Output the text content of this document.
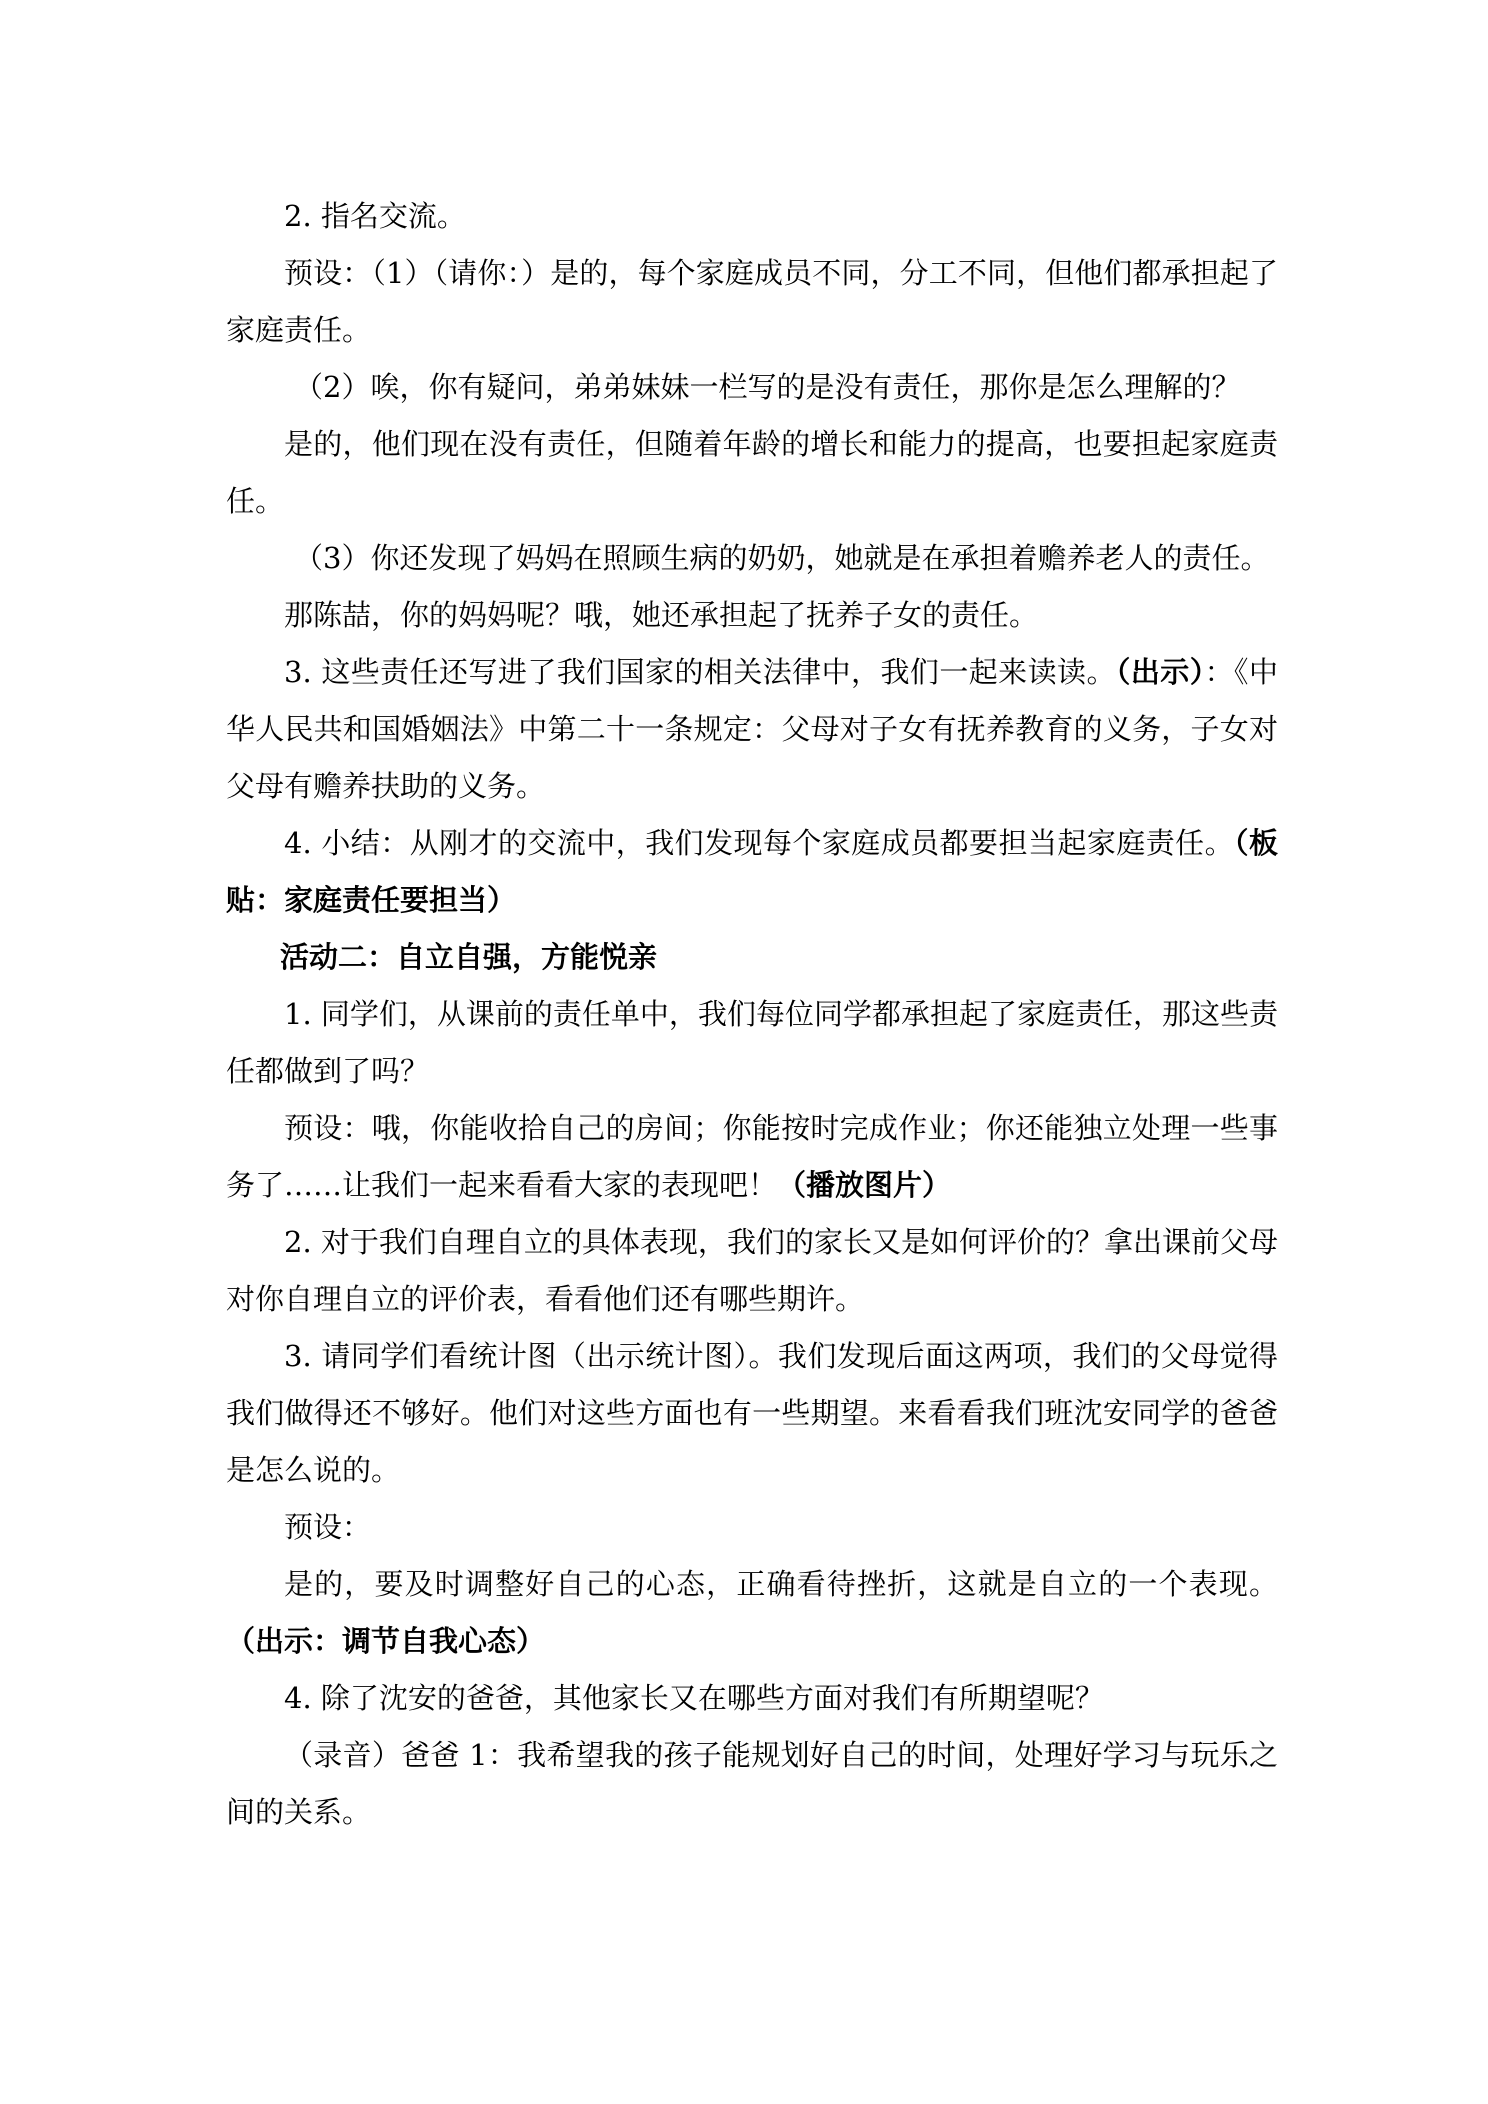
2. 指名交流。

预设：（1）（请你：）是的，每个家庭成员不同，分工不同，但他们都承担起了家庭责任。

（2）唉，你有疑问，弟弟妹妹一栏写的是没有责任，那你是怎么理解的？

是的，他们现在没有责任，但随着年龄的增长和能力的提高，也要担起家庭责任。

（3）你还发现了妈妈在照顾生病的奶奶，她就是在承担着赡养老人的责任。

那陈喆，你的妈妈呢？哦，她还承担起了抚养子女的责任。

3. 这些责任还写进了我们国家的相关法律中，我们一起来读读。（出示）：《中华人民共和国婚姻法》中第二十一条规定：父母对子女有抚养教育的义务，子女对父母有赡养扶助的义务。

4. 小结：从刚才的交流中，我们发现每个家庭成员都要担当起家庭责任。（板贴：家庭责任要担当）

活动二：自立自强，方能悦亲

1. 同学们，从课前的责任单中，我们每位同学都承担起了家庭责任，那这些责任都做到了吗？

预设：哦，你能收拾自己的房间；你能按时完成作业；你还能独立处理一些事务了……让我们一起来看看大家的表现吧！（播放图片）

2. 对于我们自理自立的具体表现，我们的家长又是如何评价的？拿出课前父母对你自理自立的评价表，看看他们还有哪些期许。

3. 请同学们看统计图（出示统计图）。我们发现后面这两项，我们的父母觉得我们做得还不够好。他们对这些方面也有一些期望。来看看我们班沈安同学的爸爸是怎么说的。

预设：

是的，要及时调整好自己的心态，正确看待挫折，这就是自立的一个表现。（出示：调节自我心态）

4. 除了沈安的爸爸，其他家长又在哪些方面对我们有所期望呢？

（录音）爸爸 1：我希望我的孩子能规划好自己的时间，处理好学习与玩乐之间的关系。
